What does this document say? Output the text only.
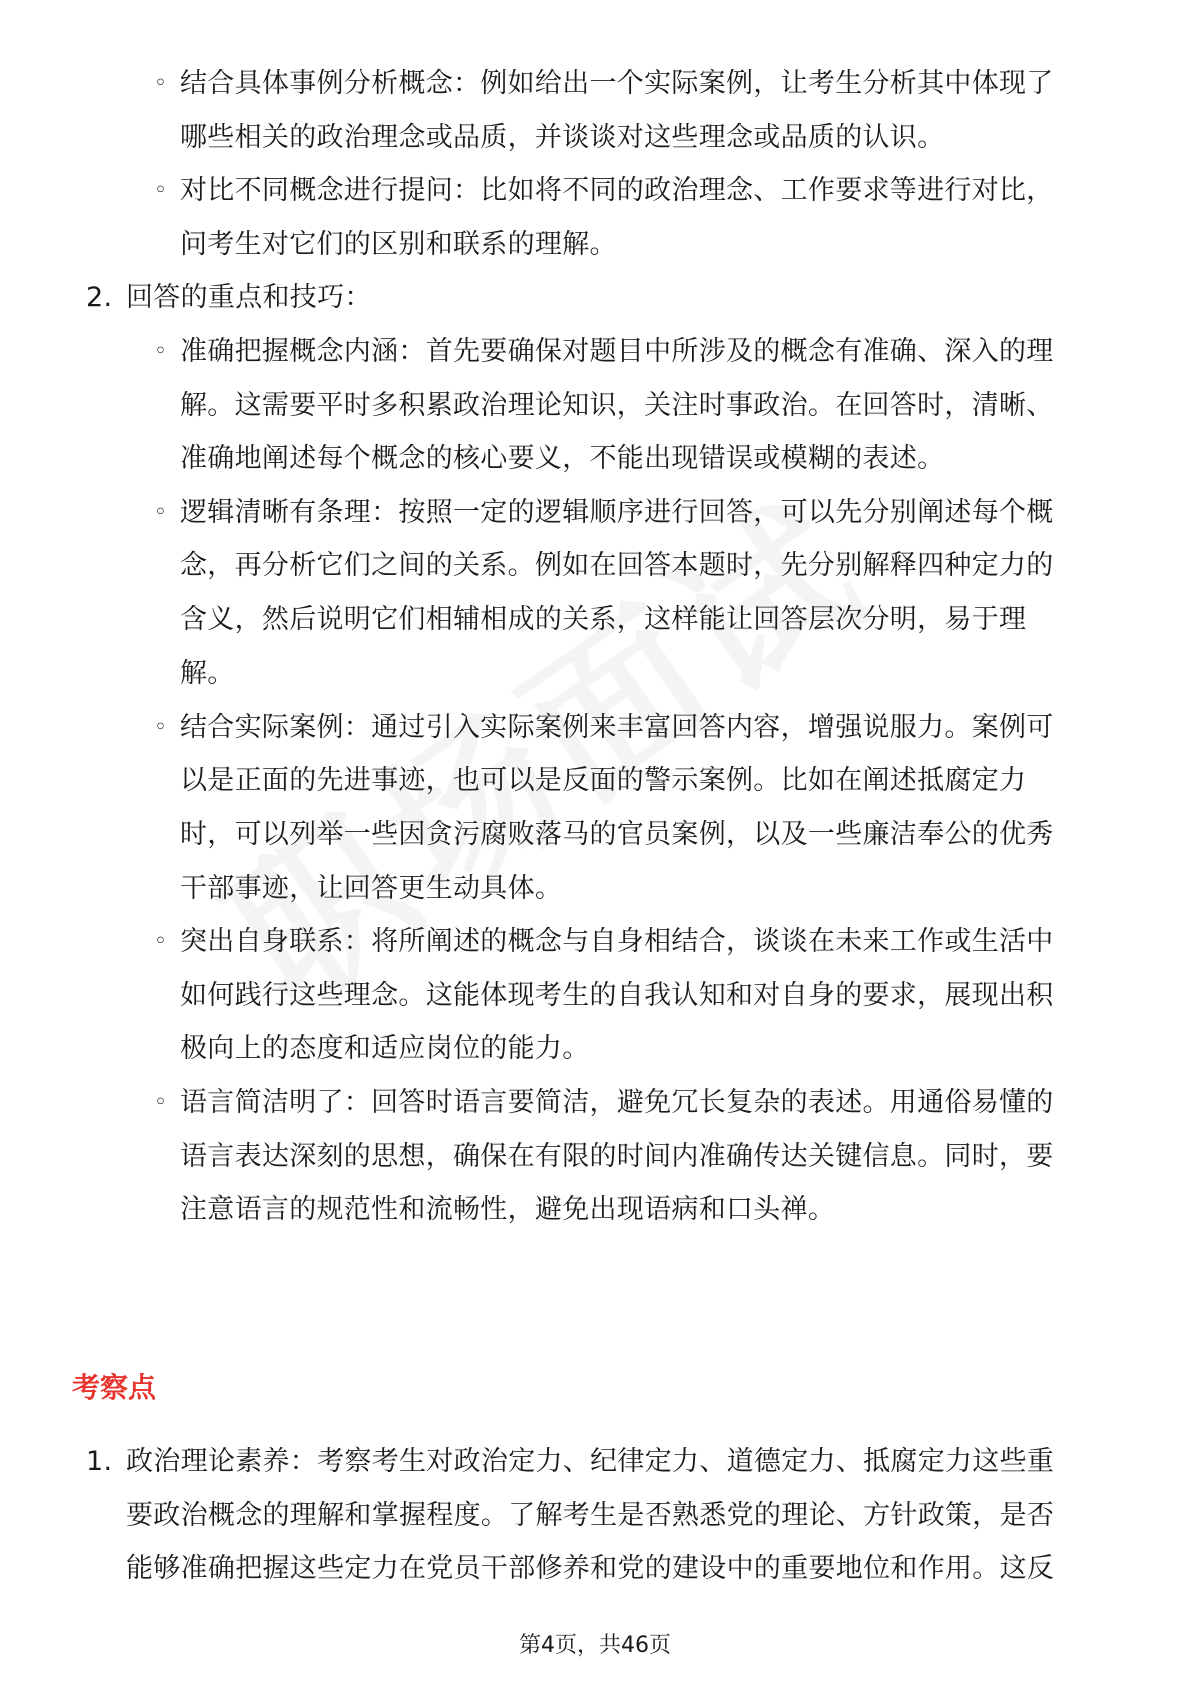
◦ 结合具体事例分析概念：例如给出一个实际案例，让考生分析其中体现了
哪些相关的政治理念或品质，并谈谈对这些理念或品质的认识。
◦ 对比不同概念进行提问：比如将不同的政治理念、工作要求等进行对比，
问考生对它们的区别和联系的理解。
2. 回答的重点和技巧：
◦ 准确把握概念内涵：首先要确保对题目中所涉及的概念有准确、深入的理
解。这需要平时多积累政治理论知识，关注时事政治。在回答时，清晰、
准确地阐述每个概念的核心要义，不能出现错误或模糊的表述。
◦ 逻辑清晰有条理：按照一定的逻辑顺序进行回答，可以先分别阐述每个概
念，再分析它们之间的关系。例如在回答本题时，先分别解释四种定力的
含义，然后说明它们相辅相成的关系，这样能让回答层次分明，易于理
解。
◦ 结合实际案例：通过引入实际案例来丰富回答内容，增强说服力。案例可
以是正面的先进事迹，也可以是反面的警示案例。比如在阐述抵腐定力
时，可以列举一些因贪污腐败落马的官员案例，以及一些廉洁奉公的优秀
干部事迹，让回答更生动具体。
◦ 突出自身联系：将所阐述的概念与自身相结合，谈谈在未来工作或生活中
如何践行这些理念。这能体现考生的自我认知和对自身的要求，展现出积
极向上的态度和适应岗位的能力。
◦ 语言简洁明了：回答时语言要简洁，避免冗长复杂的表述。用通俗易懂的
语言表达深刻的思想，确保在有限的时间内准确传达关键信息。同时，要
注意语言的规范性和流畅性，避免出现语病和口头禅。
考察点
1. 政治理论素养：考察考生对政治定力、纪律定力、道德定力、抵腐定力这些重
要政治概念的理解和掌握程度。了解考生是否熟悉党的理论、方针政策，是否
能够准确把握这些定力在党员干部修养和党的建设中的重要地位和作用。这反
第4页，共46页
